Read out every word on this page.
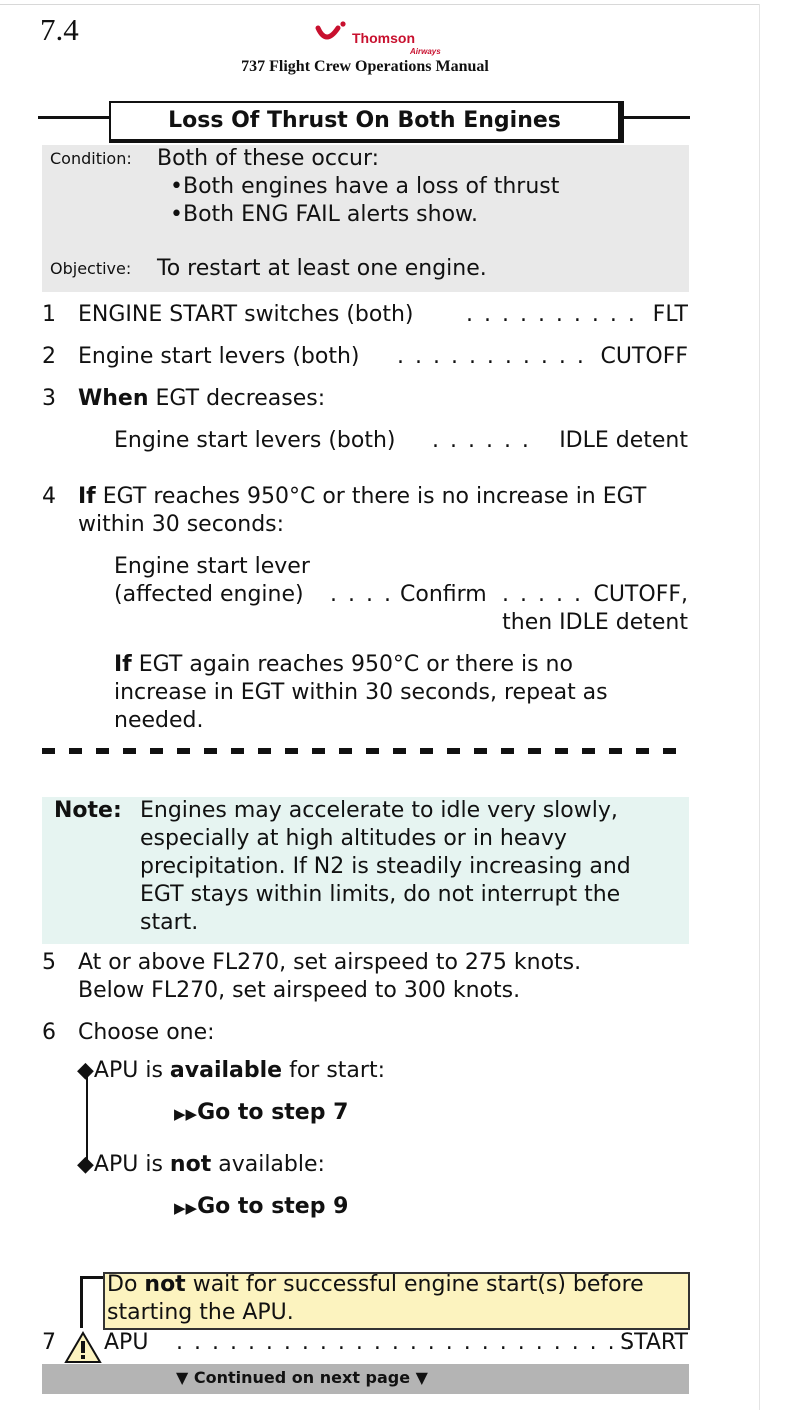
7.4	Thomson
Airways
737 Flight Crew Operations Manual
Loss Of Thrust On Both Engines
Condition: Both of these occur:
•Both engines have a loss of thrust
•Both ENG FAIL alerts show.
Objective: To restart at least one engine.
1 ENGINE START switches (both) . . . . . . . . . . FLT
2 Engine start levers (both) . . . . . . . . . . . CUTOFF
3 When EGT decreases:
Engine start levers (both) . . . . . .	IDLE detent
4 If EGT reaches 950°C or there is no increase in EGT
within 30 seconds:
Engine start lever
(affected engine) . . . . Confirm . . . . . CUTOFF,
then IDLE detent
If EGT again reaches 950°C or there is no
increase in EGT within 30 seconds, repeat as
needed.
Note: Engines may accelerate to idle very slowly,
especially at high altitudes or in heavy
precipitation. If N2 is steadily increasing and
EGT stays within limits, do not interrupt the
start.
5 At or above FL270, set airspeed to 275 knots.
Below FL270, set airspeed to 300 knots.
6 Choose one:
◆APU is available for start:
▶▶Go to step 7
◆APU is not available:
▶▶Go to step 9
Do not wait for successful engine start(s) before
starting the APU.
7 APU . . . . . . . . . . . . . . . . . . . . . . . . . .
START
▼ Continued on next page ▼
